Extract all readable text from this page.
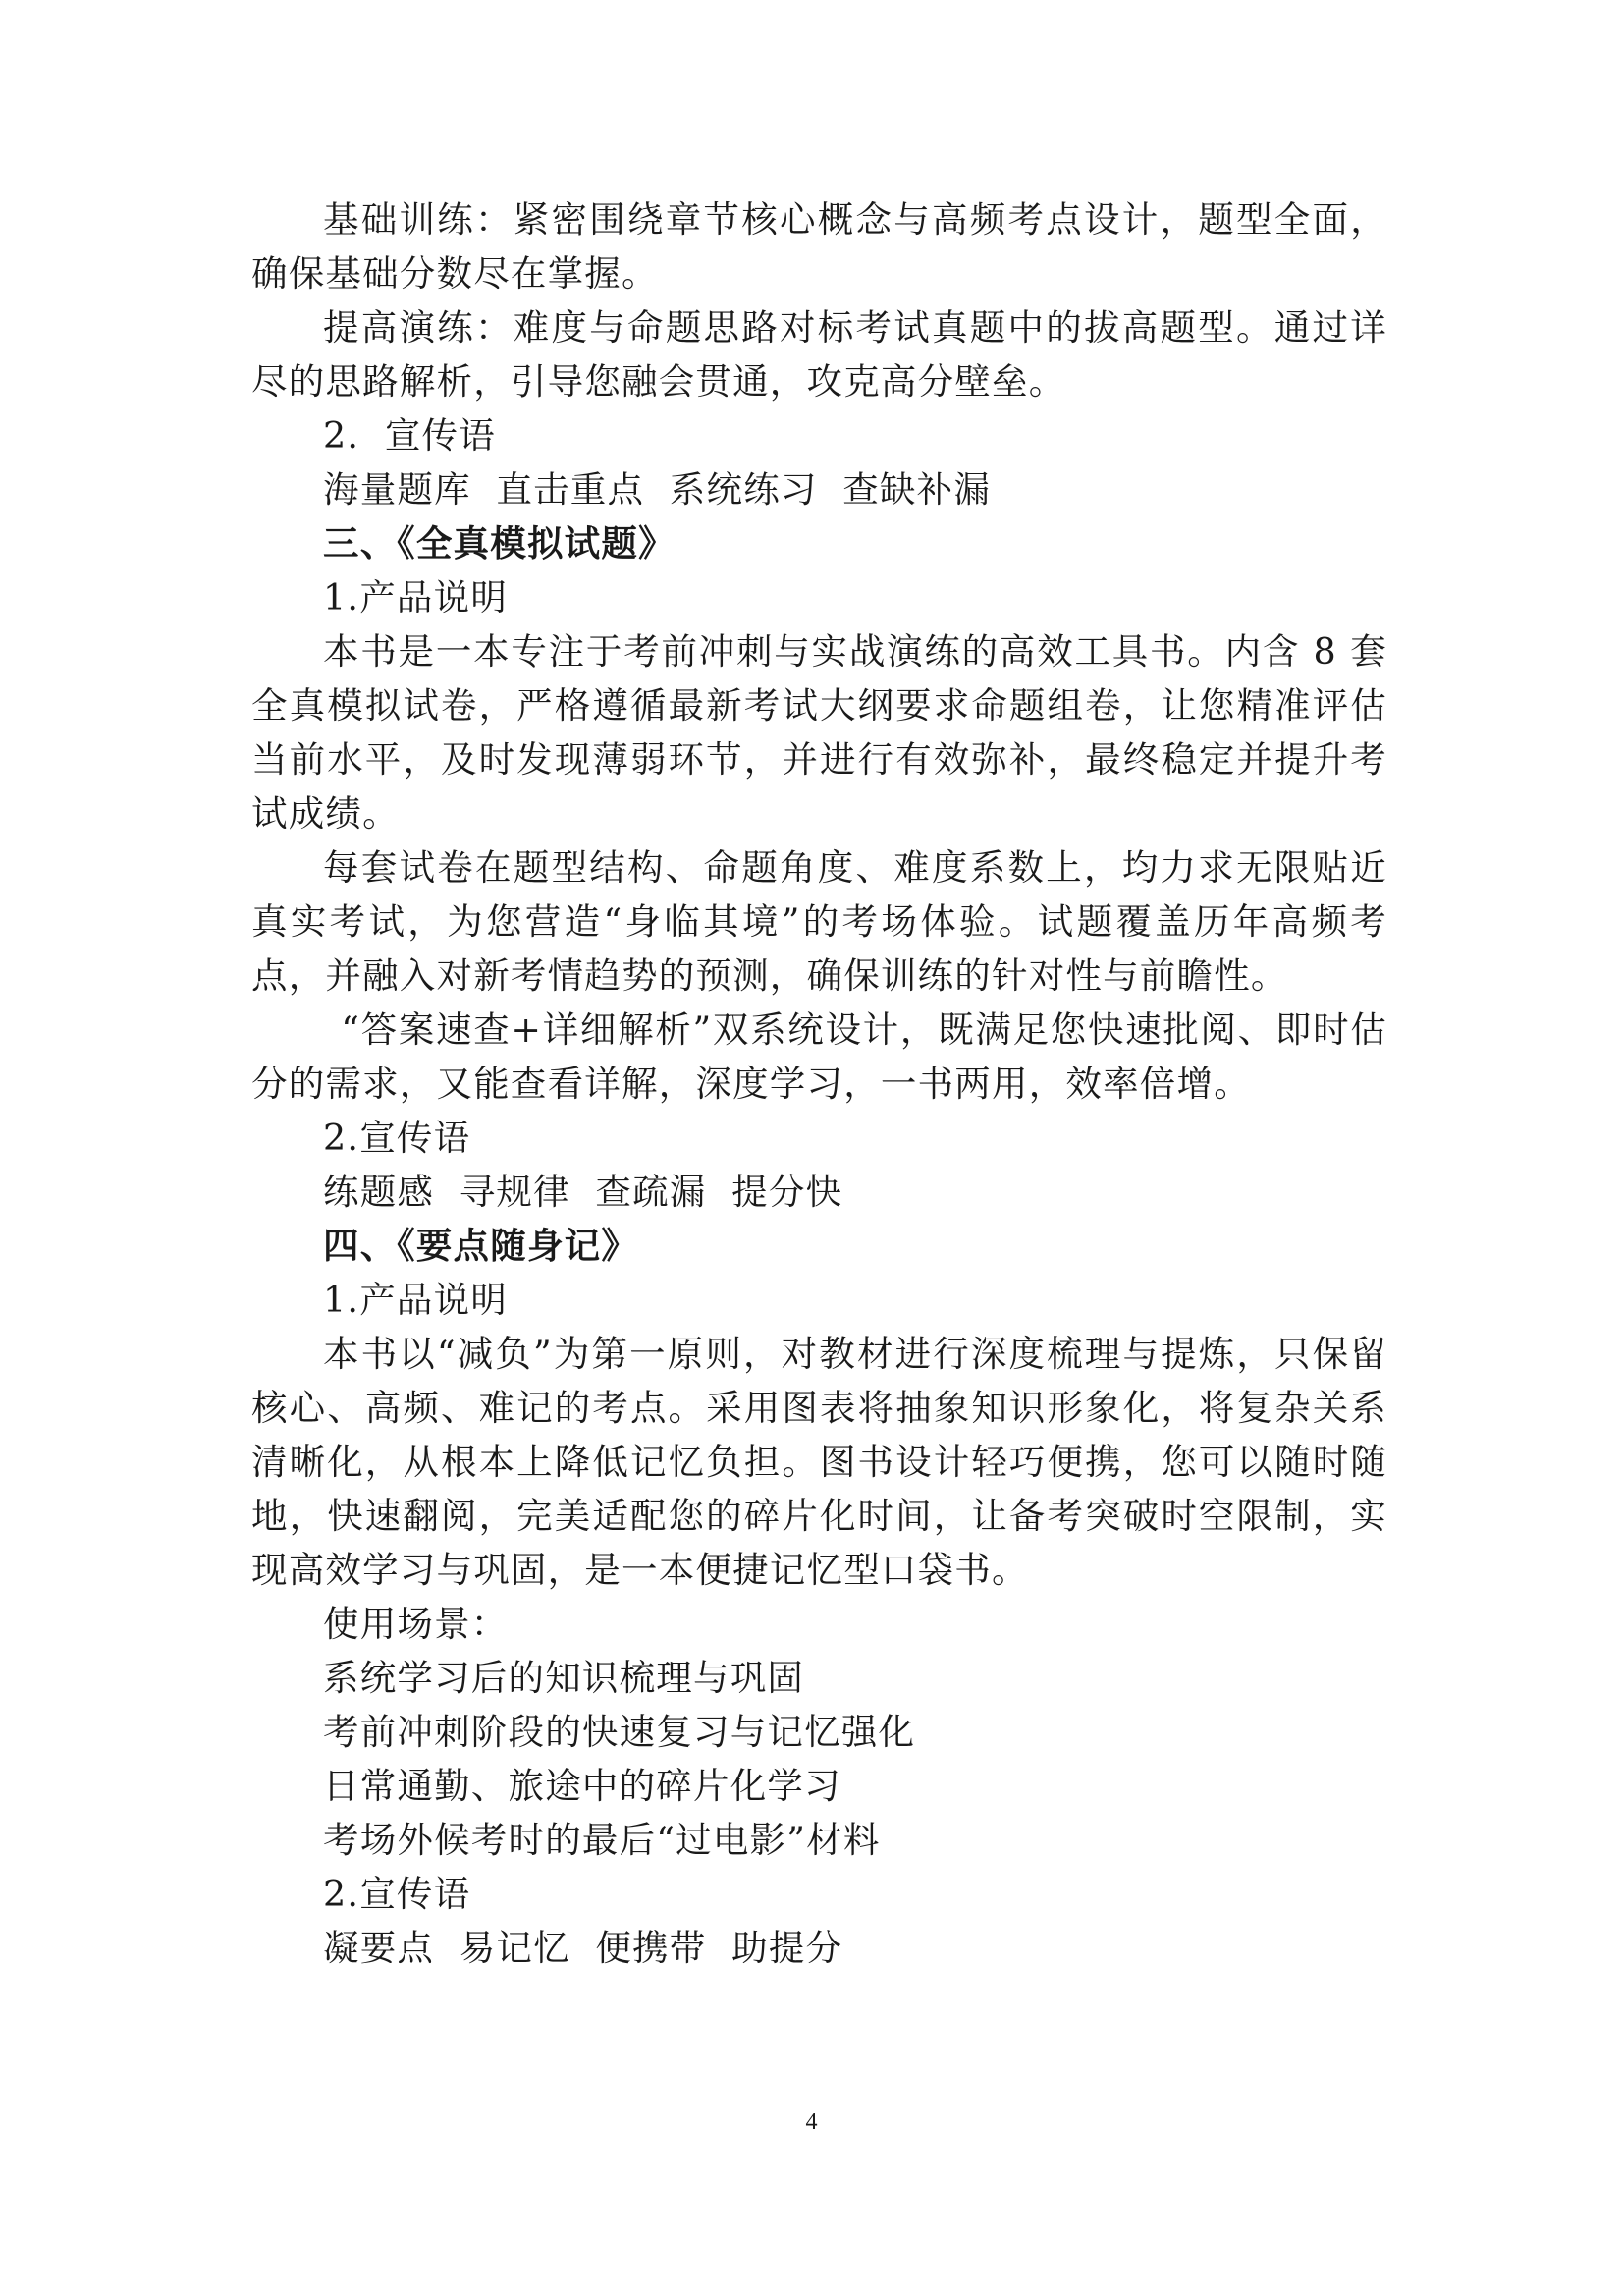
基础训练：紧密围绕章节核心概念与高频考点设计，题型全面，确保基础分数尽在掌握。

提高演练：难度与命题思路对标考试真题中的拔高题型。通过详尽的思路解析，引导您融会贯通，攻克高分壁垒。

2.  宣传语

海量题库  直击重点  系统练习  查缺补漏

三、《全真模拟试题》

1.产品说明

本书是一本专注于考前冲刺与实战演练的高效工具书。内含 8 套全真模拟试卷，严格遵循最新考试大纲要求命题组卷，让您精准评估当前水平，及时发现薄弱环节，并进行有效弥补，最终稳定并提升考试成绩。

每套试卷在题型结构、命题角度、难度系数上，均力求无限贴近真实考试，为您营造“身临其境”的考场体验。试题覆盖历年高频考点，并融入对新考情趋势的预测，确保训练的针对性与前瞻性。

“答案速查+详细解析”双系统设计，既满足您快速批阅、即时估分的需求，又能查看详解，深度学习，一书两用，效率倍增。

2.宣传语

练题感  寻规律  查疏漏  提分快

四、《要点随身记》

1.产品说明

本书以“减负”为第一原则，对教材进行深度梳理与提炼，只保留核心、高频、难记的考点。采用图表将抽象知识形象化，将复杂关系清晰化，从根本上降低记忆负担。图书设计轻巧便携，您可以随时随地，快速翻阅，完美适配您的碎片化时间，让备考突破时空限制，实现高效学习与巩固，是一本便捷记忆型口袋书。

使用场景：

系统学习后的知识梳理与巩固

考前冲刺阶段的快速复习与记忆强化

日常通勤、旅途中的碎片化学习

考场外候考时的最后“过电影”材料

2.宣传语

凝要点  易记忆  便携带  助提分

4
